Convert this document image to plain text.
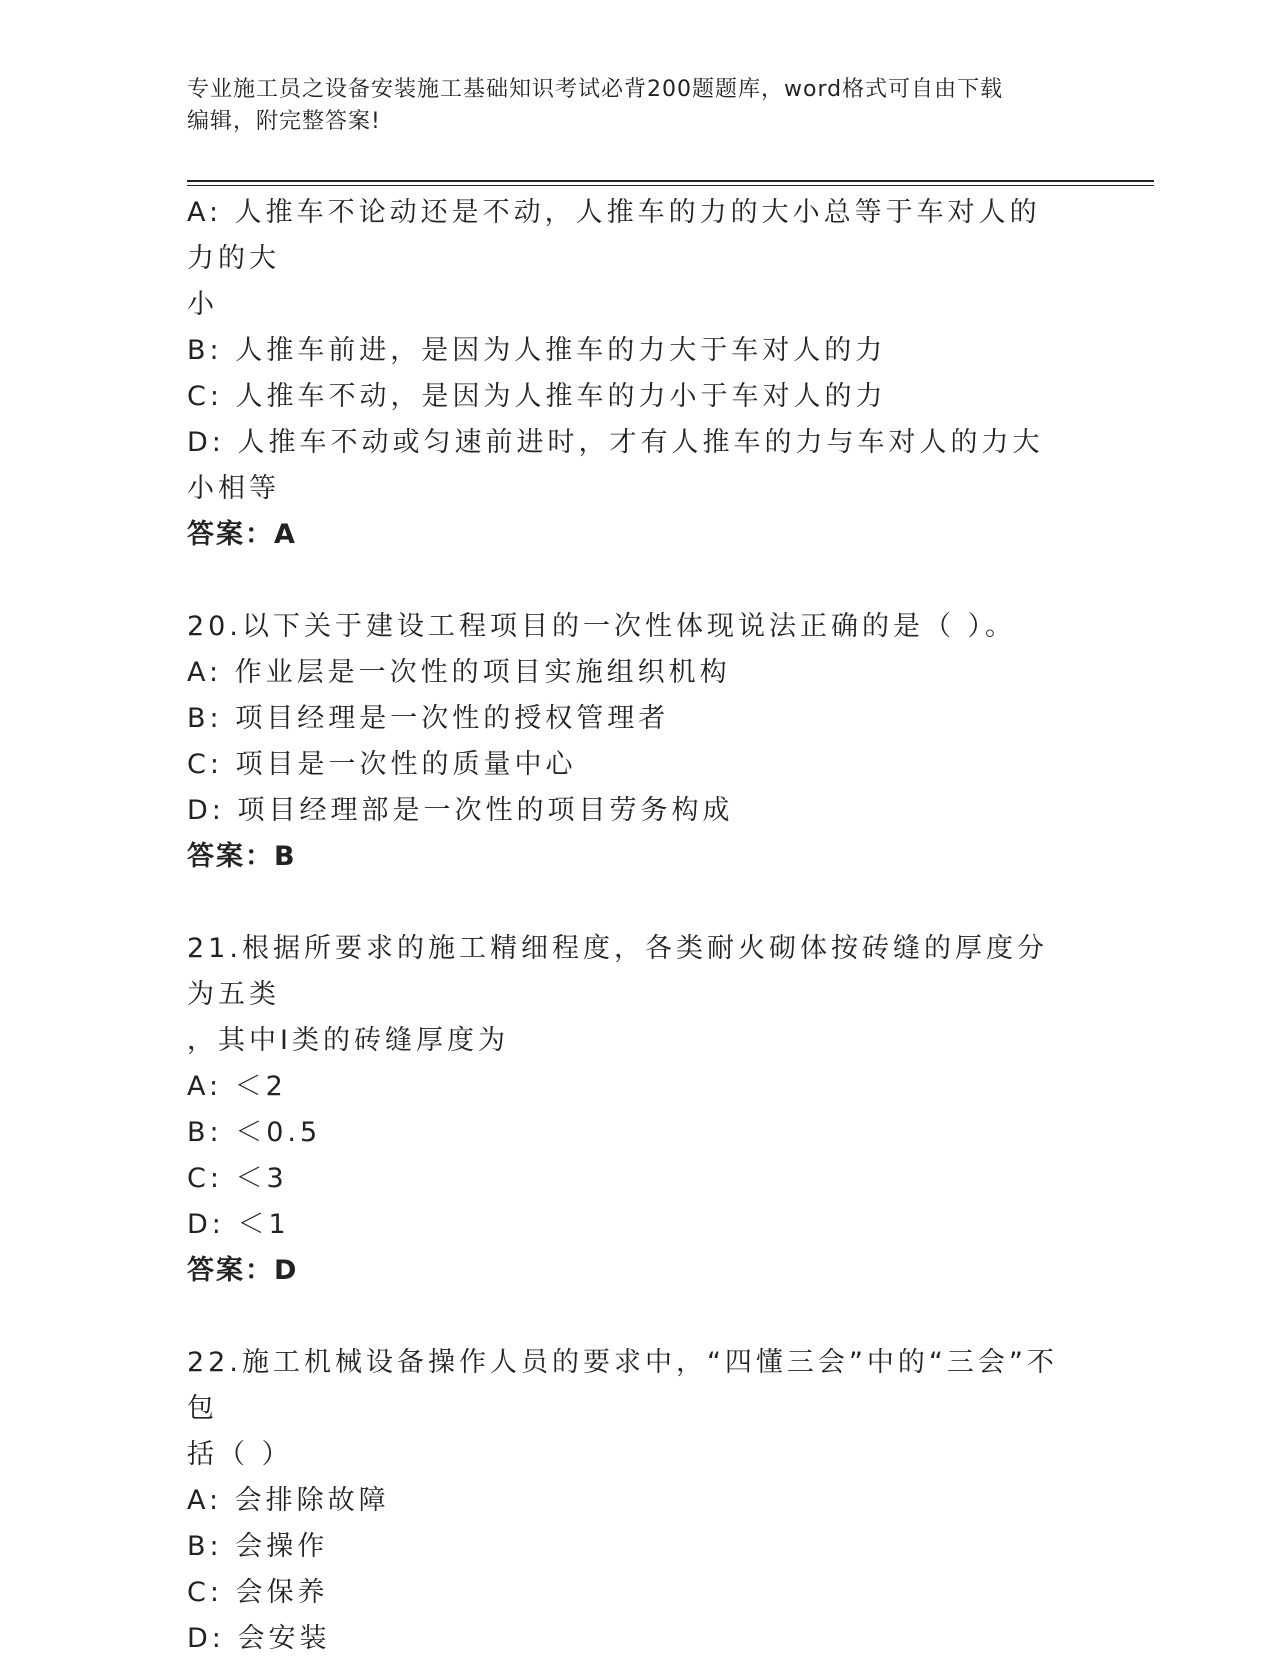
专业施工员之设备安装施工基础知识考试必背200题题库，word格式可自由下载
编辑，附完整答案!
A: 人推车不论动还是不动，人推车的力的大小总等于车对人的力的大
小
B: 人推车前进，是因为人推车的力大于车对人的力
C: 人推车不动，是因为人推车的力小于车对人的力
D: 人推车不动或匀速前进时，才有人推车的力与车对人的力大小相等
答案：A
20.以下关于建设工程项目的一次性体现说法正确的是（ ）。
A: 作业层是一次性的项目实施组织机构
B: 项目经理是一次性的授权管理者
C: 项目是一次性的质量中心
D: 项目经理部是一次性的项目劳务构成
答案：B
21.根据所要求的施工精细程度，各类耐火砌体按砖缝的厚度分为五类
，其中Ⅰ类的砖缝厚度为
A: ＜2
B: ＜0.5
C: ＜3
D: ＜1
答案：D
22.施工机械设备操作人员的要求中，“四懂三会”中的“三会”不包
括（ ）
A: 会排除故障
B: 会操作
C: 会保养
D: 会安装
